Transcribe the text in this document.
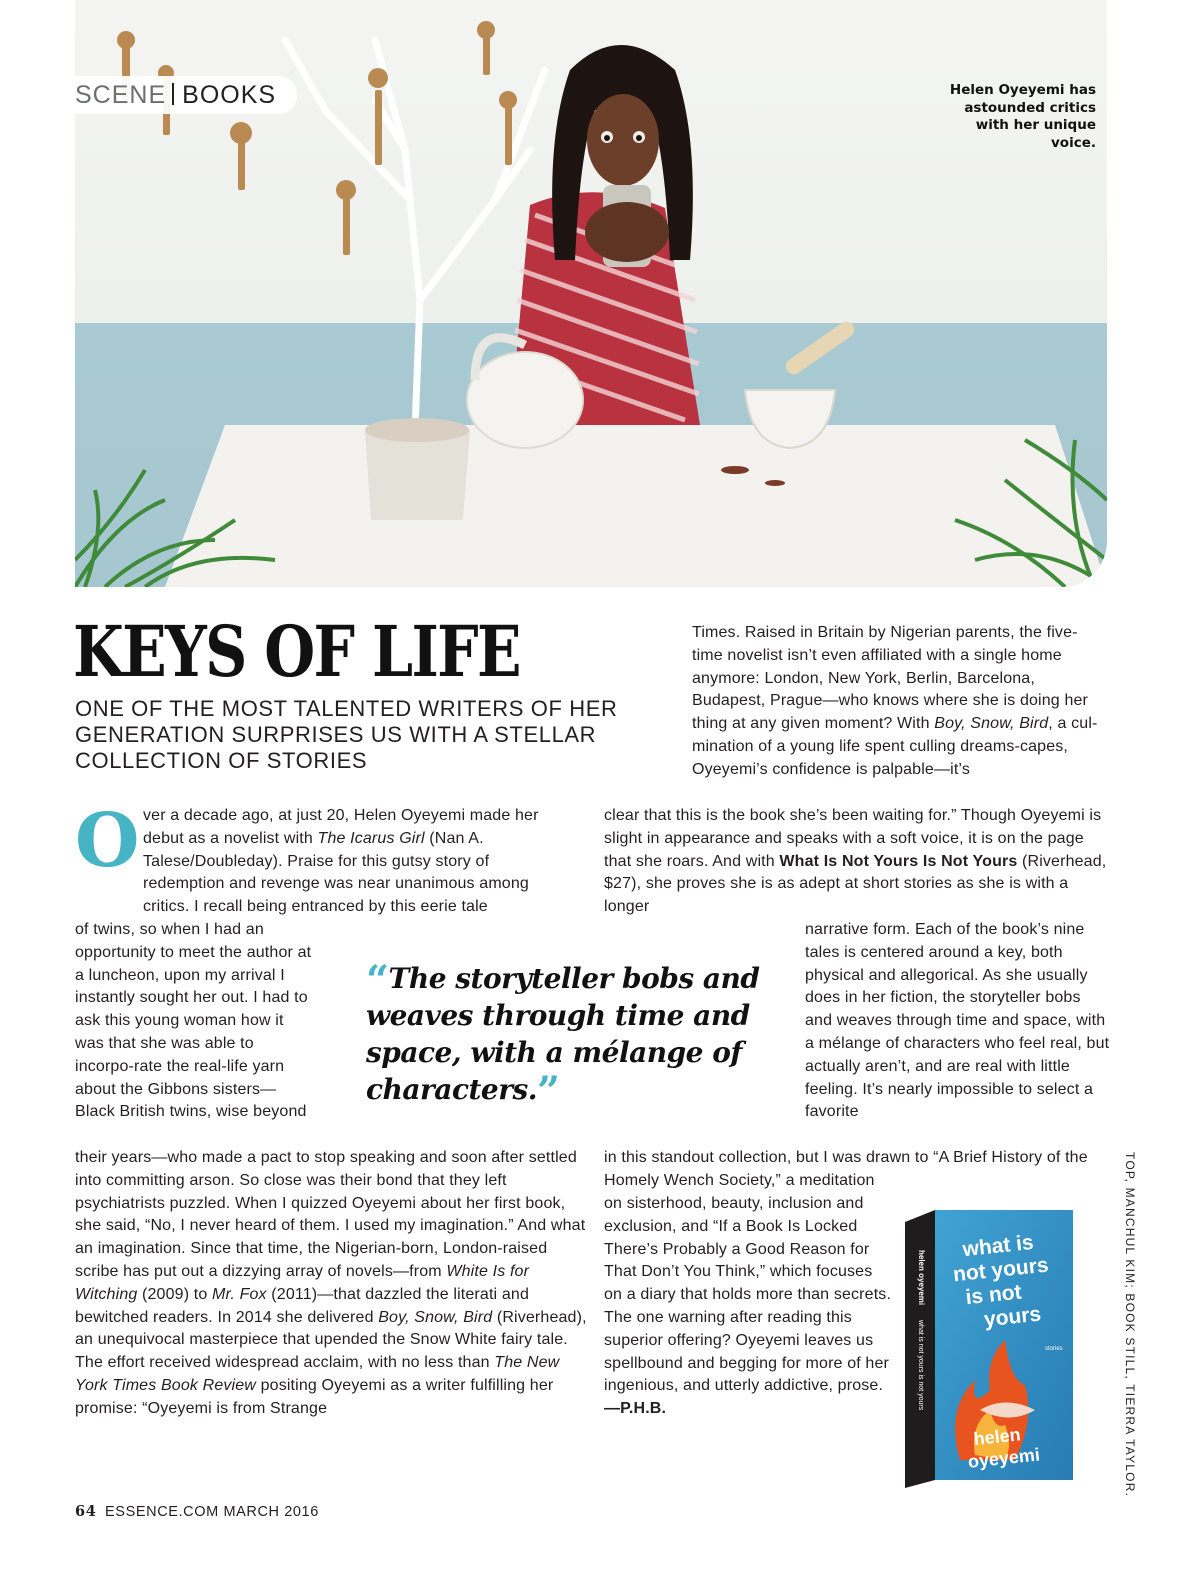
SCENE BOOKS	Helen Oyeyemi has astounded critics with her unique voice.
KEYS OF LIFE
ONE OF THE MOST TALENTED WRITERS OF HER GENERATION SURPRISES US WITH A STELLAR COLLECTION OF STORIES
O ver a decade ago, at just 20, Helen Oyeyemi made her debut as a novelist with The Icarus Girl (Nan A. Talese/Doubleday). Praise for this gutsy story of redemption and revenge was near unanimous among critics. I recall being entranced by this eerie tale

of twins, so when I had an opportunity to meet the author at a luncheon, upon my arrival I instantly sought her out. I had to ask this young woman how it was that she was able to incorpo-rate the real-life yarn about the Gibbons sisters—Black British twins, wise beyond

their years—who made a pact to stop speaking and soon after settled into committing arson. So close was their bond that they left psychiatrists puzzled. When I quizzed Oyeyemi about her first book, she said, “No, I never heard of them. I used my imagination.” And what an imagination. Since that time, the Nigerian-born, London-raised scribe has put out a dizzying array of novels—from White Is for Witching (2009) to Mr. Fox (2011)—that dazzled the literati and bewitched readers. In 2014 she delivered Boy, Snow, Bird (Riverhead), an unequivocal masterpiece that upended the Snow White fairy tale. The effort received widespread acclaim, with no less than The New York Times Book Review positing Oyeyemi as a writer fulfilling her promise: “Oyeyemi is from Strange

Times. Raised in Britain by Nigerian parents, the five-time novelist isn’t even affiliated with a single home anymore: London, New York, Berlin, Barcelona, Budapest, Prague—who knows where she is doing her thing at any given moment? With Boy, Snow, Bird, a cul-mination of a young life spent culling dreams-capes, Oyeyemi’s confidence is palpable—it’s

clear that this is the book she’s been waiting for.” Though Oyeyemi is slight in appearance and speaks with a soft voice, it is on the page that she roars. And with What Is Not Yours Is Not Yours (Riverhead, $27), she proves she is as adept at short stories as she is with a longer

narrative form. Each of the book’s nine tales is centered around a key, both physical and allegorical. As she usually does in her fiction, the storyteller bobs and weaves through time and space, with a mélange of characters who feel real, but actually aren’t, and are real with little feeling. It’s nearly impossible to select a favorite

in this standout collection, but I was drawn to “A Brief History of the Homely Wench Society,” a meditation

on sisterhood, beauty, inclusion and exclusion, and “If a Book Is Locked There’s Probably a Good Reason for That Don’t You Think,” which focuses on a diary that holds more than secrets. The one warning after reading this superior offering? Oyeyemi leaves us spellbound and begging for more of her ingenious, and utterly addictive, prose. —P.H.B.

“The storyteller bobs and weaves through time and space, with a mélange of characters.”
helen oyeyemi
what is not yours is not yours
what is
not yours
is not
yours
stories
helen
oyeyemi	TOP, MANCHUL KIM; BOOK STILL, TIERRA TAYLOR.
64 ESSENCE.COM MARCH 2016
